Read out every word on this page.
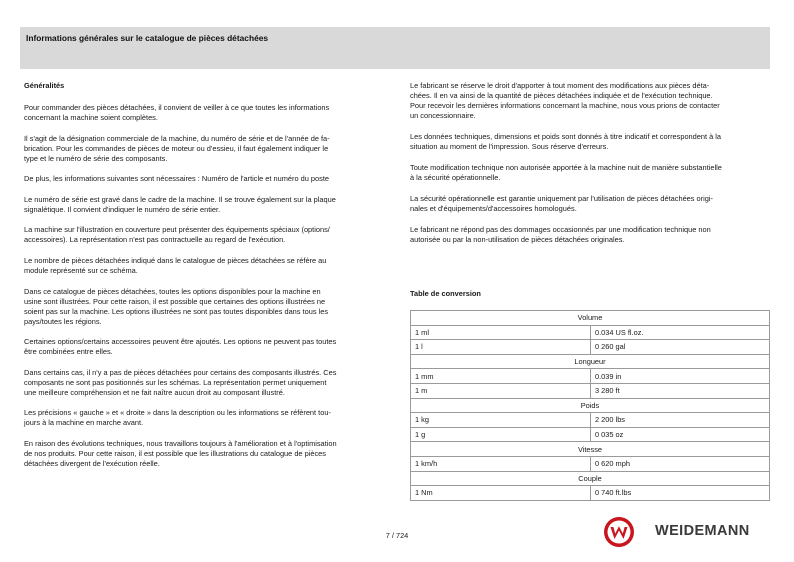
Informations générales sur le catalogue de pièces détachées
Généralités

Pour commander des pièces détachées, il convient de veiller à ce que toutes les informations
concernant la machine soient complètes.

Il s'agit de la désignation commerciale de la machine, du numéro de série et de l'année de fa-
brication. Pour les commandes de pièces de moteur ou d'essieu, il faut également indiquer le
type et le numéro de série des composants.

De plus, les informations suivantes sont nécessaires : Numéro de l'article et numéro du poste

Le numéro de série est gravé dans le cadre de la machine. Il se trouve également sur la plaque
signalétique. Il convient d'indiquer le numéro de série entier.

La machine sur l'illustration en couverture peut présenter des équipements spéciaux (options/
accessoires). La représentation n'est pas contractuelle au regard de l'exécution.

Le nombre de pièces détachées indiqué dans le catalogue de pièces détachées se réfère au
module représenté sur ce schéma.

Dans ce catalogue de pièces détachées, toutes les options disponibles pour la machine en
usine sont illustrées. Pour cette raison, il est possible que certaines des options illustrées ne
soient pas sur la machine. Les options illustrées ne sont pas toutes disponibles dans tous les
pays/toutes les régions.

Certaines options/certains accessoires peuvent être ajoutés. Les options ne peuvent pas toutes
être combinées entre elles.

Dans certains cas, il n'y a pas de pièces détachées pour certains des composants illustrés. Ces
composants ne sont pas positionnés sur les schémas. La représentation permet uniquement
une meilleure compréhension et ne fait naître aucun droit au composant illustré.

Les précisions « gauche » et « droite » dans la description ou les informations se réfèrent tou-
jours à la machine en marche avant.

En raison des évolutions techniques, nous travaillons toujours à l'amélioration et à l'optimisation
de nos produits. Pour cette raison, il est possible que les illustrations du catalogue de pièces
détachées divergent de l'exécution réelle.

Le fabricant se réserve le droit d'apporter à tout moment des modifications aux pièces déta-
chées. Il en va ainsi de la quantité de pièces détachées indiquée et de l'exécution technique.
Pour recevoir les dernières informations concernant la machine, nous vous prions de contacter
un concessionnaire.

Les données techniques, dimensions et poids sont donnés à titre indicatif et correspondent à la
situation au moment de l'impression. Sous réserve d'erreurs.

Toute modification technique non autorisée apportée à la machine nuit de manière substantielle
à la sécurité opérationnelle.

La sécurité opérationnelle est garantie uniquement par l'utilisation de pièces détachées origi-
nales et d'équipements/d'accessoires homologués.

Le fabricant ne répond pas des dommages occasionnés par une modification technique non
autorisée ou par la non-utilisation de pièces détachées originales.

Table de conversion
Volume	
1 ml	0.034 US fl.oz.
1 l	0 260 gal
Longueur	
1 mm	0.039 in
1 m	3 280 ft
Poids	
1 kg	2 200 lbs
1 g	0 035 oz
Vitesse	
1 km/h	0 620 mph
Couple	
1 Nm	0 740 ft.lbs
7 / 724	WEIDEMANN
